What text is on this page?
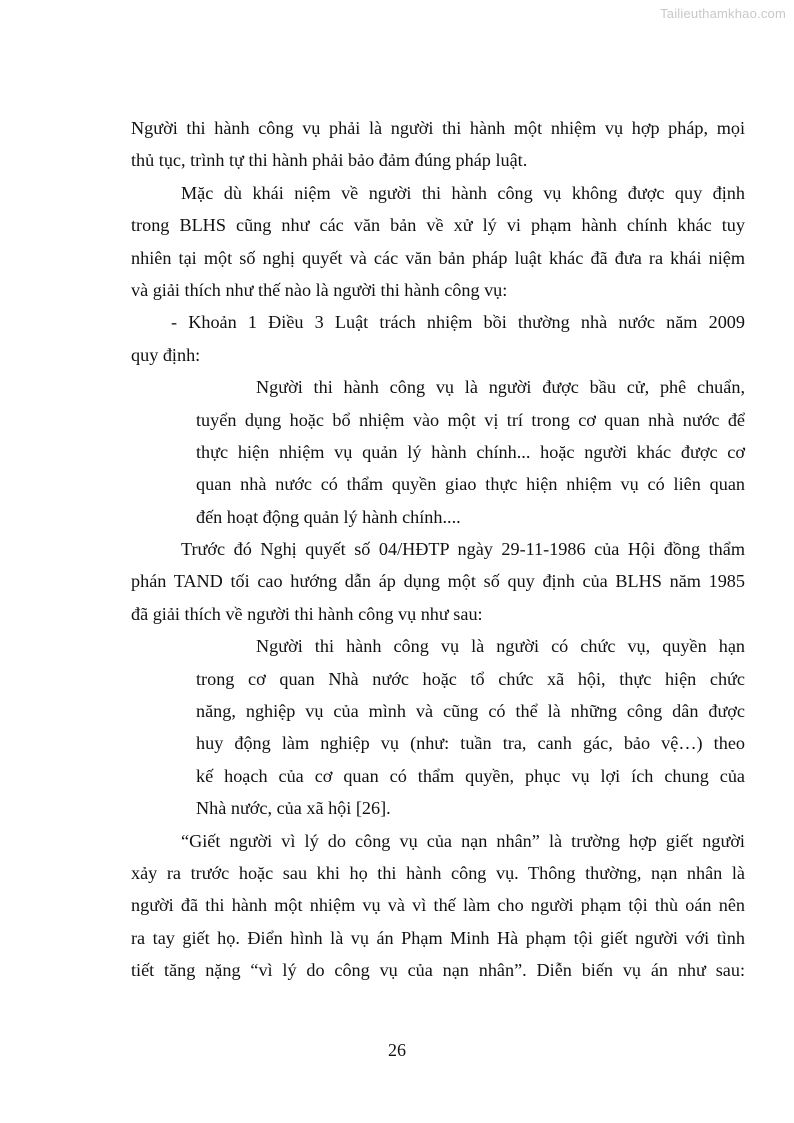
Tailieuthamkhao.com
Người thi hành công vụ phải là người thi hành một nhiệm vụ hợp pháp, mọi
thủ tục, trình tự thi hành phải bảo đảm đúng pháp luật.
Mặc dù khái niệm về người thi hành công vụ không được quy định
trong BLHS cũng như các văn bản về xử lý vi phạm hành chính khác tuy
nhiên tại một số nghị quyết và các văn bản pháp luật khác đã đưa ra khái niệm
và giải thích như thế nào là người thi hành công vụ:
- Khoản 1 Điều 3 Luật trách nhiệm bồi thường nhà nước năm 2009
quy định:
Người thi hành công vụ là người được bầu cử, phê chuẩn,
tuyển dụng hoặc bổ nhiệm vào một vị trí trong cơ quan nhà nước để
thực hiện nhiệm vụ quản lý hành chính... hoặc người khác được cơ
quan nhà nước có thẩm quyền giao thực hiện nhiệm vụ có liên quan
đến hoạt động quản lý hành chính....
Trước đó Nghị quyết số 04/HĐTP ngày 29-11-1986 của Hội đồng thẩm
phán TAND tối cao hướng dẫn áp dụng một số quy định của BLHS năm 1985
đã giải thích về người thi hành công vụ như sau:
Người thi hành công vụ là người có chức vụ, quyền hạn
trong cơ quan Nhà nước hoặc tổ chức xã hội, thực hiện chức
năng, nghiệp vụ của mình và cũng có thể là những công dân được
huy động làm nghiệp vụ (như: tuần tra, canh gác, bảo vệ…) theo
kế hoạch của cơ quan có thẩm quyền, phục vụ lợi ích chung của
Nhà nước, của xã hội [26].
“Giết người vì lý do công vụ của nạn nhân” là trường hợp giết người
xảy ra trước hoặc sau khi họ thi hành công vụ. Thông thường, nạn nhân là
người đã thi hành một nhiệm vụ và vì thế làm cho người phạm tội thù oán nên
ra tay giết họ. Điển hình là vụ án Phạm Minh Hà phạm tội giết người với tình
tiết tăng nặng “vì lý do công vụ của nạn nhân”. Diễn biến vụ án như sau:
26
